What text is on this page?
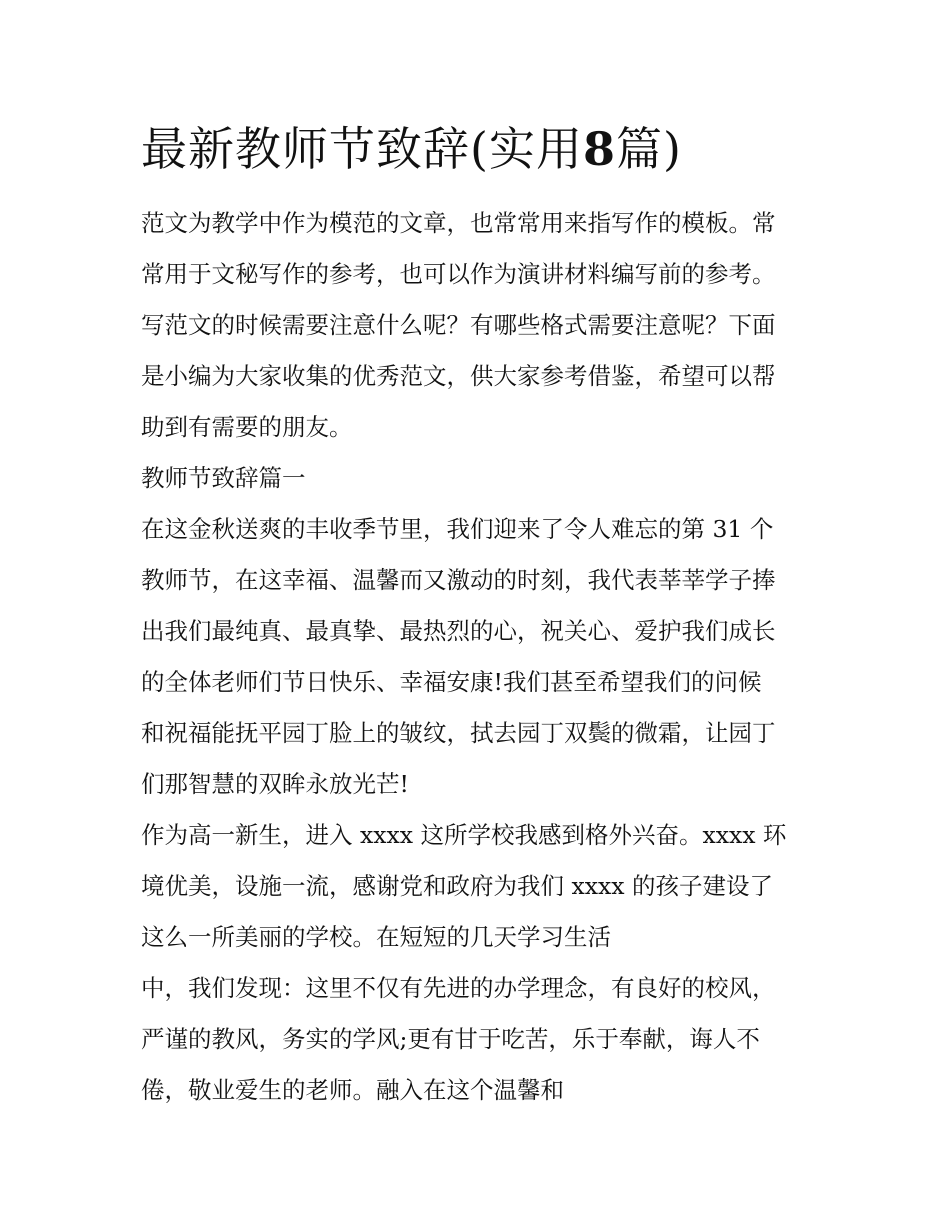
最新教师节致辞(实用8篇)

范文为教学中作为模范的文章，也常常用来指写作的模板。常
常用于文秘写作的参考，也可以作为演讲材料编写前的参考。
写范文的时候需要注意什么呢？有哪些格式需要注意呢？下面
是小编为大家收集的优秀范文，供大家参考借鉴，希望可以帮
助到有需要的朋友。

教师节致辞篇一

在这金秋送爽的丰收季节里，我们迎来了令人难忘的第 31 个
教师节，在这幸福、温馨而又激动的时刻，我代表莘莘学子捧
出我们最纯真、最真挚、最热烈的心，祝关心、爱护我们成长
的全体老师们节日快乐、幸福安康!我们甚至希望我们的问候
和祝福能抚平园丁脸上的皱纹，拭去园丁双鬓的微霜，让园丁
们那智慧的双眸永放光芒!

作为高一新生，进入 xxxx 这所学校我感到格外兴奋。xxxx 环
境优美，设施一流，感谢党和政府为我们 xxxx 的孩子建设了
这么一所美丽的学校。在短短的几天学习生活

中，我们发现：这里不仅有先进的办学理念，有良好的校风，
严谨的教风，务实的学风;更有甘于吃苦，乐于奉献，诲人不
倦，敬业爱生的老师。融入在这个温馨和
